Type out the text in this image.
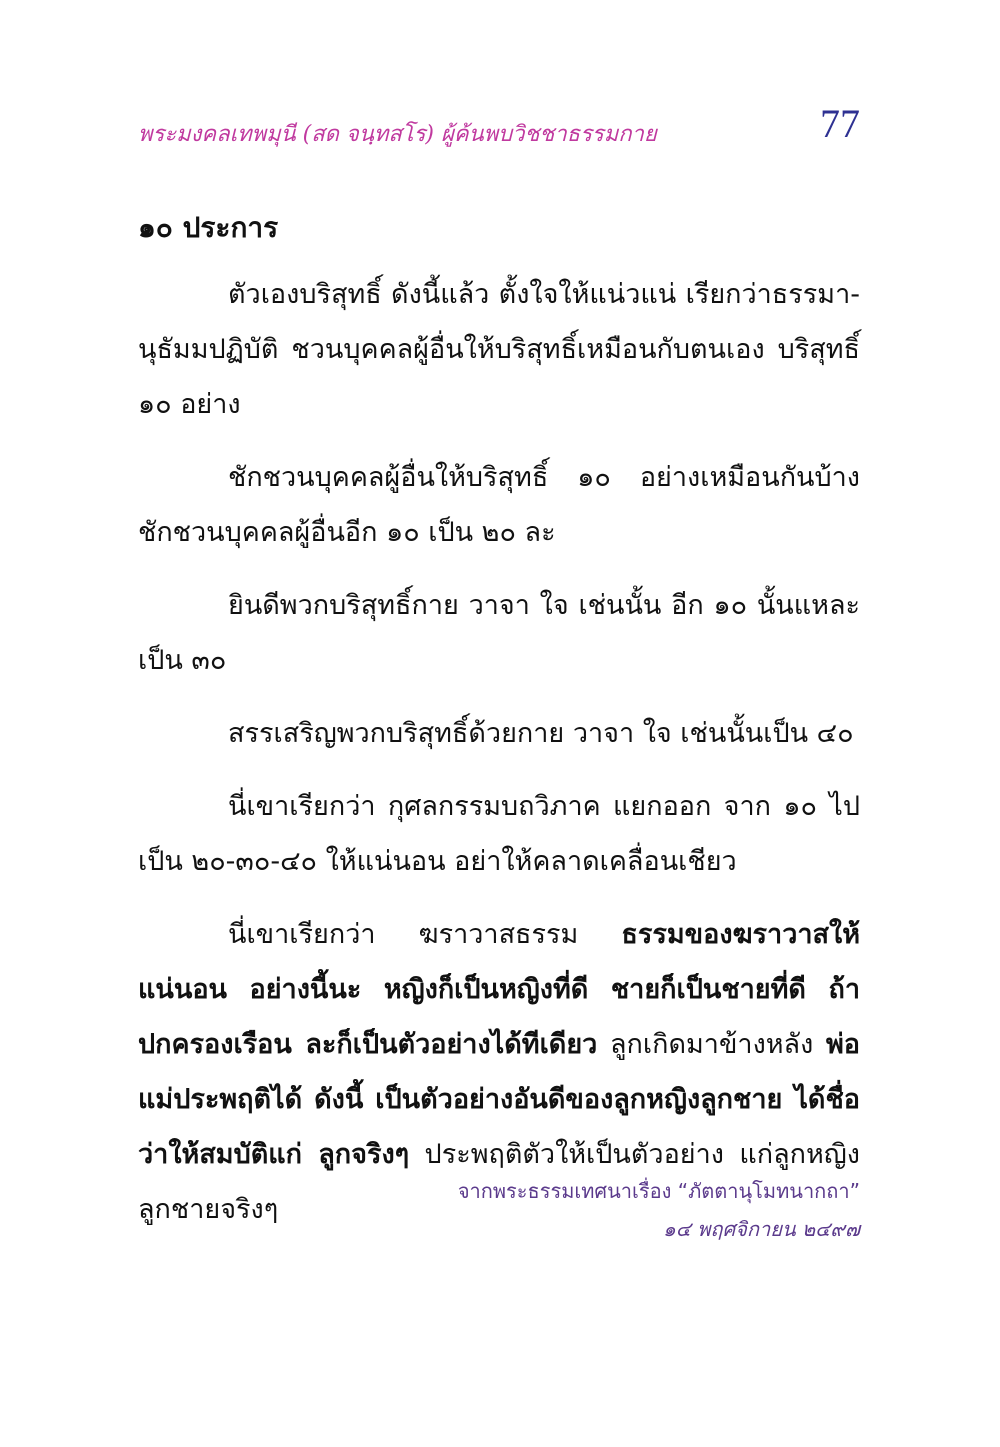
พระมงคลเทพมุนี (สด จนฺทสโร) ผู้ค้นพบวิชชาธรรมกาย	77
๑๐ ประการ

ตัวเองบริสุทธิ์ ดังนี้แล้ว ตั้งใจให้แน่วแน่ เรียกว่าธรรมา-นุธัมมปฏิบัติ ชวนบุคคลผู้อื่นให้บริสุทธิ์เหมือนกับตนเอง บริสุทธิ์ ๑๐ อย่าง

ชักชวนบุคคลผู้อื่นให้บริสุทธิ์ ๑๐ อย่างเหมือนกันบ้าง ชักชวนบุคคลผู้อื่นอีก ๑๐ เป็น ๒๐ ละ

ยินดีพวกบริสุทธิ์กาย วาจา ใจ เช่นนั้น อีก ๑๐ นั้นแหละ เป็น ๓๐

สรรเสริญพวกบริสุทธิ์ด้วยกาย วาจา ใจ เช่นนั้นเป็น ๔๐

นี่เขาเรียกว่า กุศลกรรมบถวิภาค แยกออก จาก ๑๐ ไปเป็น ๒๐-๓๐-๔๐ ให้แน่นอน อย่าให้คลาดเคลื่อนเชียว

นี่เขาเรียกว่า ฆราวาสธรรม ธรรมของฆราวาสให้แน่นอน อย่างนี้นะ หญิงก็เป็นหญิงที่ดี ชายก็เป็นชายที่ดี ถ้าปกครองเรือน ละก็เป็นตัวอย่างได้ทีเดียว ลูกเกิดมาข้างหลัง พ่อแม่ประพฤติได้ ดังนี้ เป็นตัวอย่างอันดีของลูกหญิงลูกชาย ได้ชื่อว่าให้สมบัติแก่ ลูกจริงๆ ประพฤติตัวให้เป็นตัวอย่าง แก่ลูกหญิงลูกชายจริงๆ

จากพระธรรมเทศนาเรื่อง “ภัตตานุโมทนากถา”
๑๔ พฤศจิกายน ๒๔๙๗
